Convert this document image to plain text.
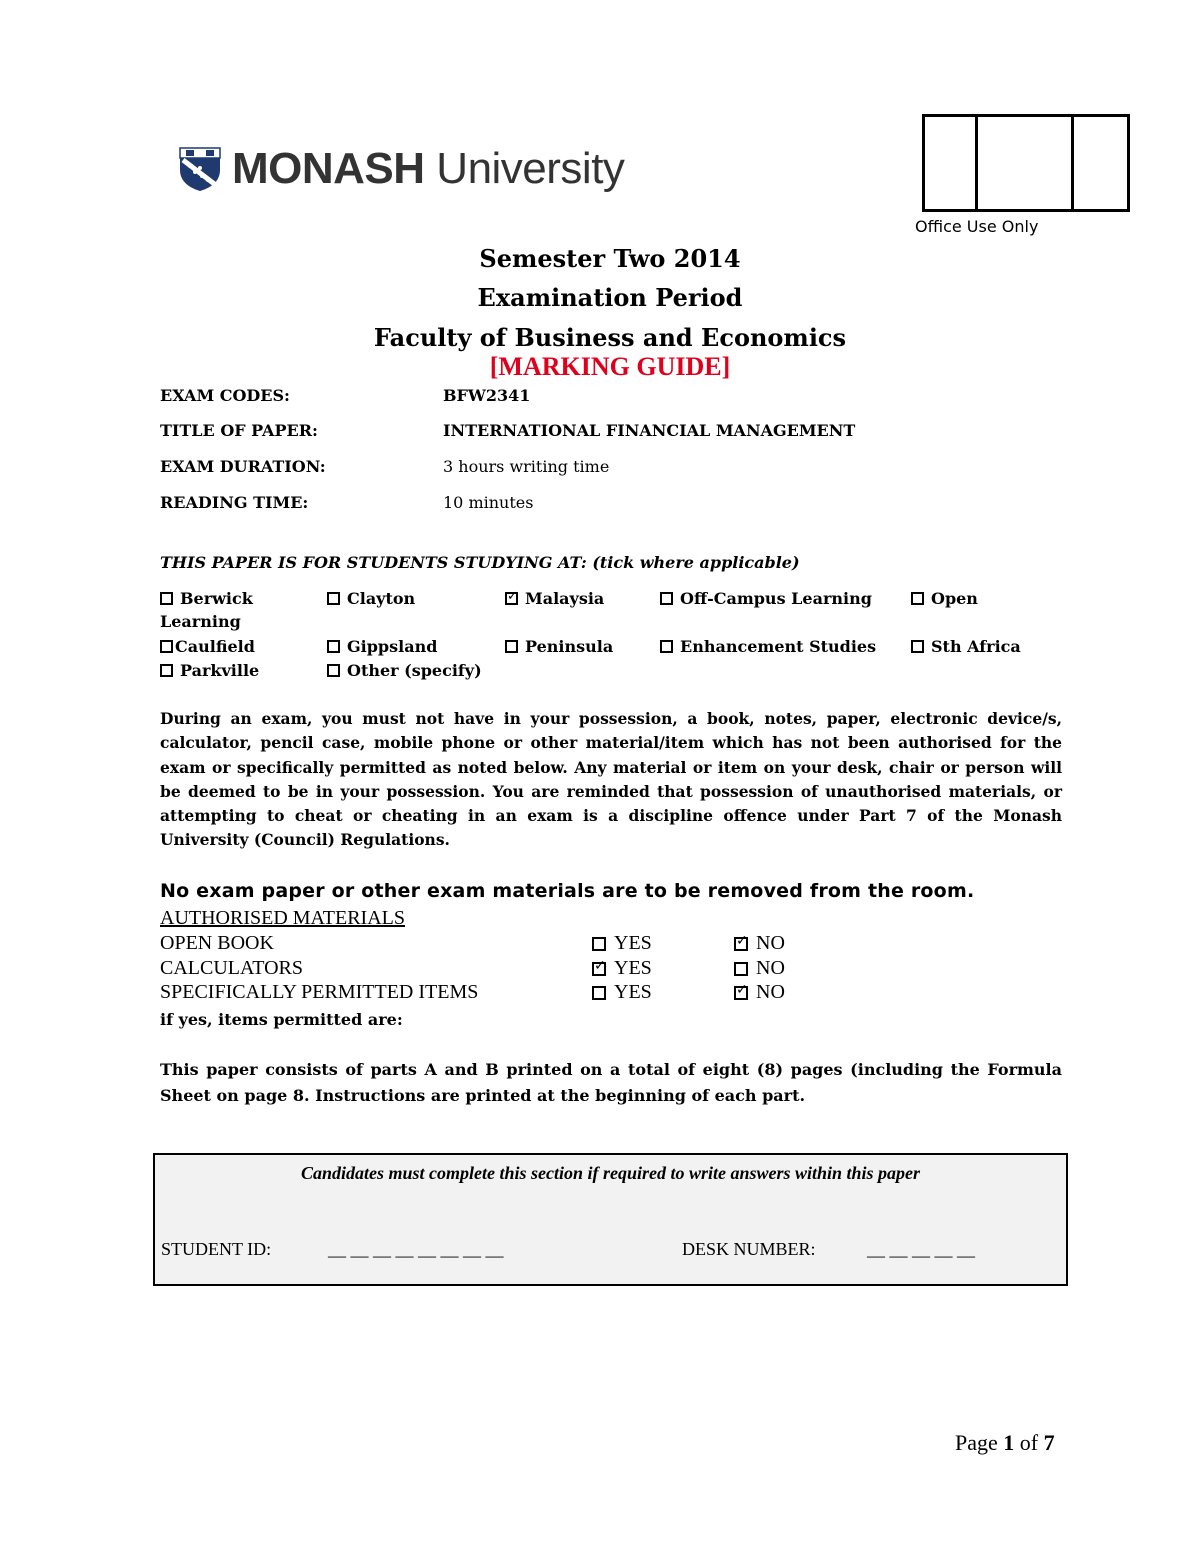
MONASH University
Office Use Only
Semester Two 2014
Examination Period
Faculty of Business and Economics
[MARKING GUIDE]
EXAM CODES:	BFW2341
TITLE OF PAPER:	INTERNATIONAL FINANCIAL MANAGEMENT
EXAM DURATION:	3 hours writing time
READING TIME:	10 minutes
THIS PAPER IS FOR STUDENTS STUDYING AT: (tick where applicable)
Berwick	Clayton ✓	Malaysia	Off-Campus Learning	Open
Learning
Caulfield	Gippsland	Peninsula	Enhancement Studies	Sth Africa
Parkville	Other (specify)
During an exam, you must not have in your possession, a book, notes, paper, electronic device/s, calculator, pencil case, mobile phone or other material/item which has not been authorised for the exam or specifically permitted as noted below. Any material or item on your desk, chair or person will be deemed to be in your possession. You are reminded that possession of unauthorised materials, or attempting to cheat or cheating in an exam is a discipline offence under Part 7 of the Monash University (Council) Regulations.
No exam paper or other exam materials are to be removed from the room.
AUTHORISED MATERIALS
OPEN BOOK	YES ✓	NO
CALCULATORS ✓	YES	NO
SPECIFICALLY PERMITTED ITEMS	YES ✓	NO
if yes, items permitted are:
This paper consists of parts A and B printed on a total of eight (8) pages (including the Formula Sheet on page 8. Instructions are printed at the beginning of each part.
Candidates must complete this section if required to write answers within this paper
STUDENT ID:	__ __ __ __ __ __ __ __	DESK NUMBER:	__ __ __ __ __
Page 1 of 7
